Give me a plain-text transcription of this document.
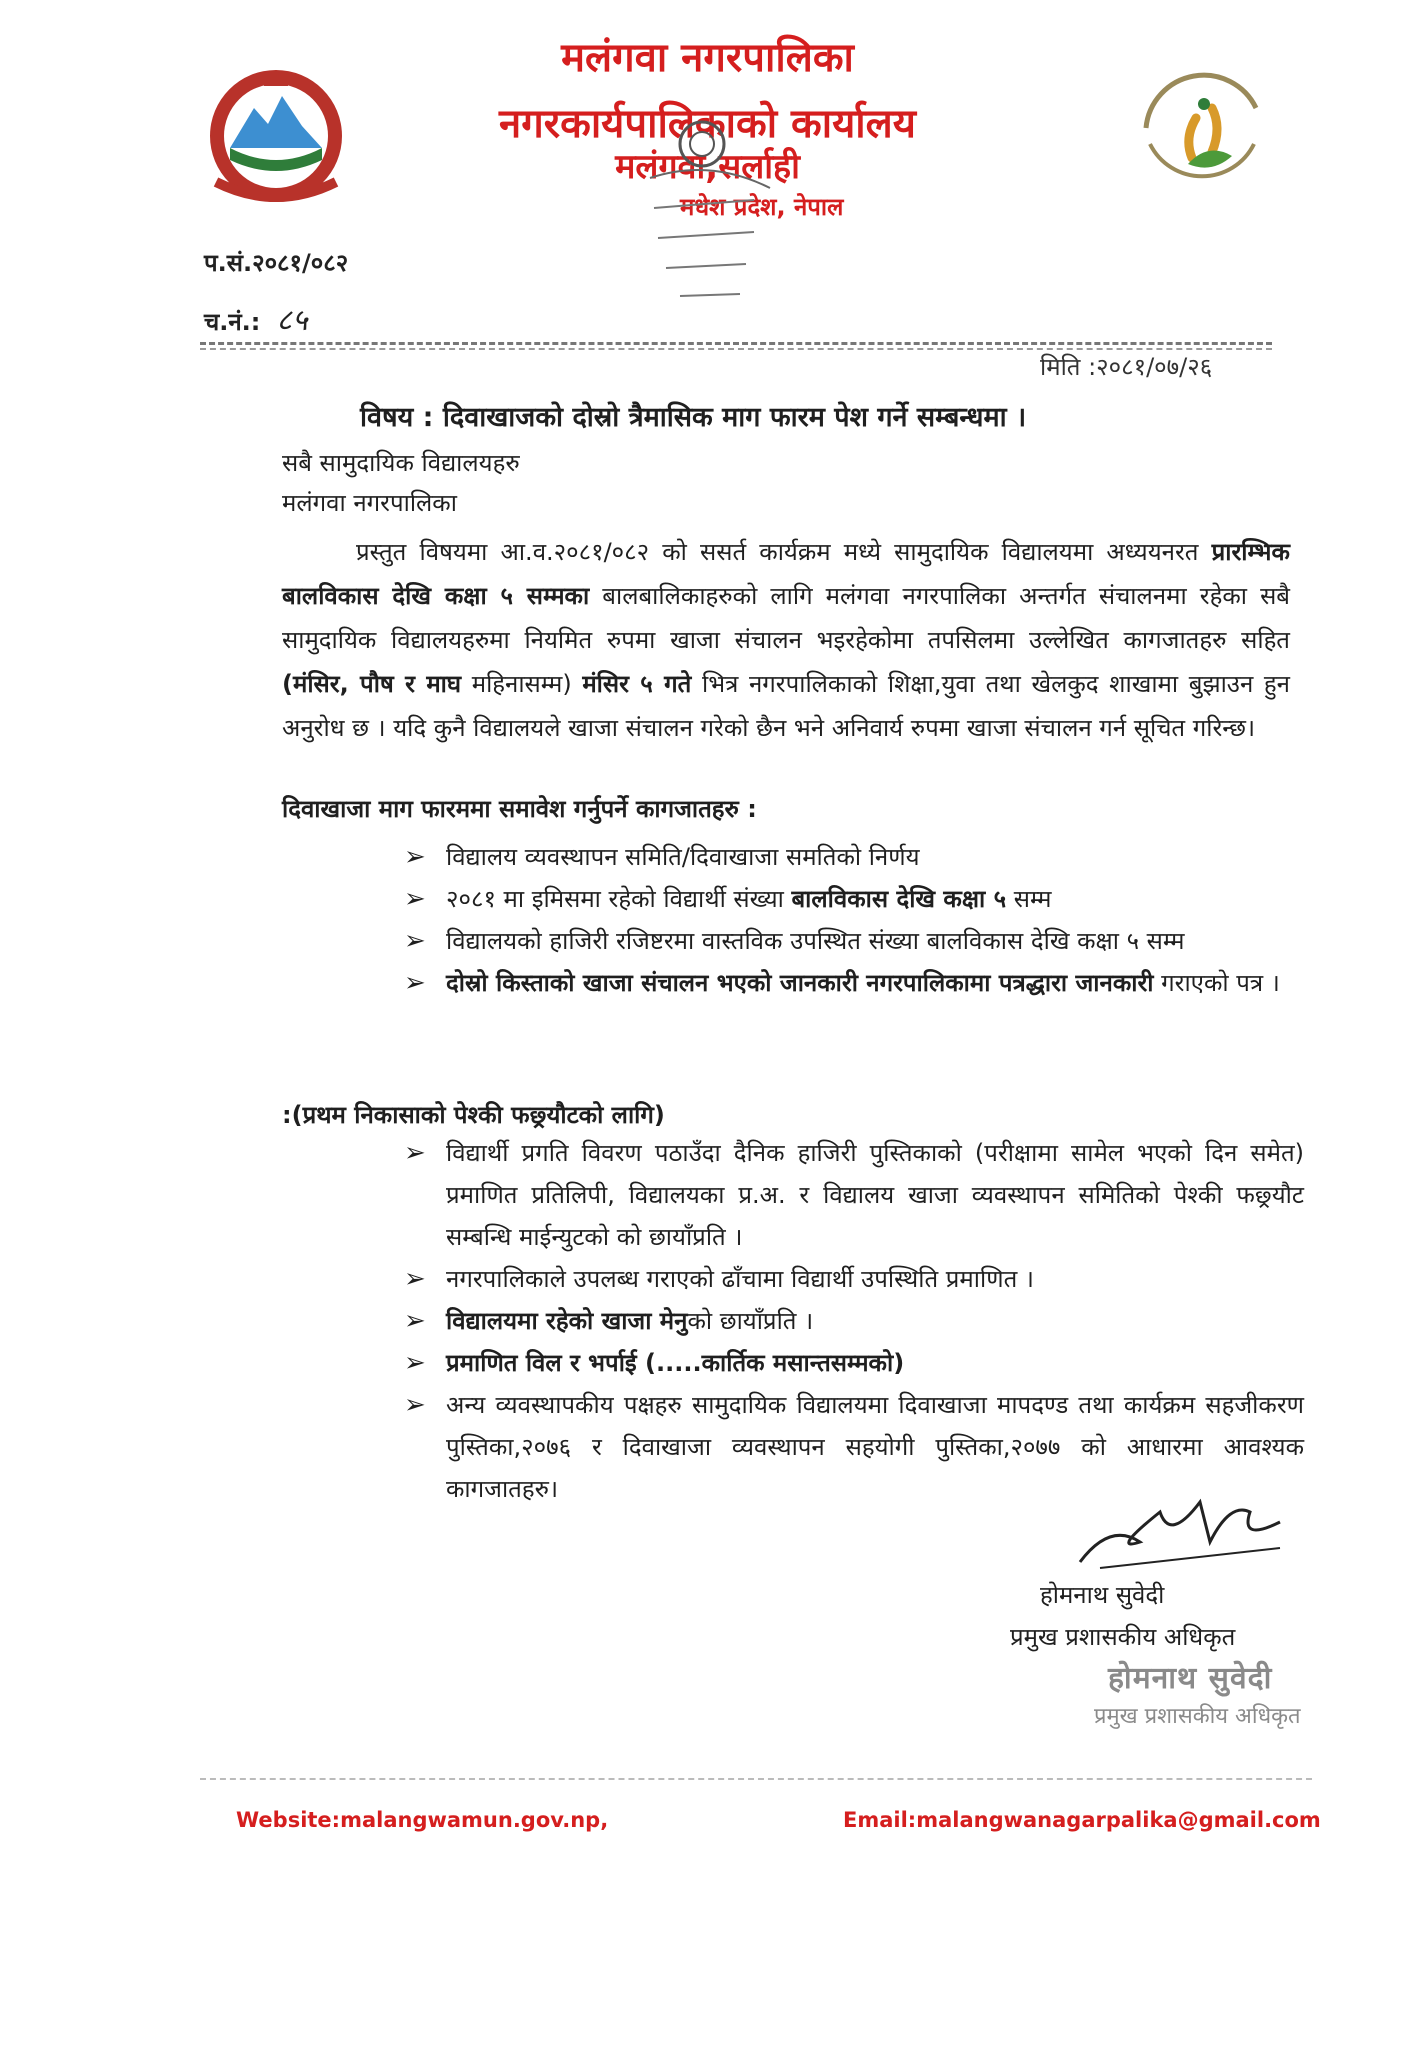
मलंगवा नगरपालिका
नगरकार्यपालिकाको कार्यालय
मलंगवा,सर्लाही
मधेश प्रदेश, नेपाल
प.सं.२०८१/०८२
च.नं.: ८५
मिति :२०८१/०७/२६
विषय : दिवाखाजको दोस्रो त्रैमासिक माग फारम पेश गर्ने सम्बन्धमा ।
सबै सामुदायिक विद्यालयहरु
मलंगवा नगरपालिका
प्रस्तुत विषयमा आ.व.२०८१/०८२ को ससर्त कार्यक्रम मध्ये सामुदायिक विद्यालयमा अध्ययनरत प्रारम्भिक बालविकास देखि कक्षा ५ सम्मका बालबालिकाहरुको लागि मलंगवा नगरपालिका अन्तर्गत संचालनमा रहेका सबै सामुदायिक विद्यालयहरुमा नियमित रुपमा खाजा संचालन भइरहेकोमा तपसिलमा उल्लेखित कागजातहरु सहित (मंसिर, पौष र माघ महिनासम्म) मंसिर ५ गते भित्र नगरपालिकाको शिक्षा,युवा तथा खेलकुद शाखामा बुझाउन हुन अनुरोध छ । यदि कुनै विद्यालयले खाजा संचालन गरेको छैन भने अनिवार्य रुपमा खाजा संचालन गर्न सूचित गरिन्छ।
दिवाखाजा माग फारममा समावेश गर्नुपर्ने कागजातहरु :
➢ विद्यालय व्यवस्थापन समिति/दिवाखाजा समतिको निर्णय
➢ २०८१ मा इमिसमा रहेको विद्यार्थी संख्या बालविकास देखि कक्षा ५ सम्म
➢ विद्यालयको हाजिरी रजिष्टरमा वास्तविक उपस्थित संख्या बालविकास देखि कक्षा ५ सम्म
➢ दोस्रो किस्ताको खाजा संचालन भएको जानकारी नगरपालिकामा पत्रद्धारा जानकारी गराएको पत्र ।
:(प्रथम निकासाको पेश्की फछ्र्यौटको लागि)
➢ विद्यार्थी प्रगति विवरण पठाउँदा दैनिक हाजिरी पुस्तिकाको (परीक्षामा सामेल भएको दिन समेत) प्रमाणित प्रतिलिपी, विद्यालयका प्र.अ. र विद्यालय खाजा व्यवस्थापन समितिको पेश्की फछ्र्यौट सम्बन्धि माईन्युटको को छायाँप्रति ।
➢ नगरपालिकाले उपलब्ध गराएको ढाँचामा विद्यार्थी उपस्थिति प्रमाणित ।
➢ विद्यालयमा रहेको खाजा मेनुको छायाँप्रति ।
➢ प्रमाणित विल र भर्पाई (.....कार्तिक मसान्तसम्मको)
➢ अन्य व्यवस्थापकीय पक्षहरु सामुदायिक विद्यालयमा दिवाखाजा मापदण्ड तथा कार्यक्रम सहजीकरण पुस्तिका,२०७६ र दिवाखाजा व्यवस्थापन सहयोगी पुस्तिका,२०७७ को आधारमा आवश्यक कागजातहरु।
होमनाथ सुवेदी
प्रमुख प्रशासकीय अधिकृत
होमनाथ सुवेदी
प्रमुख प्रशासकीय अधिकृत
Website:malangwamun.gov.np,	Email:malangwanagarpalika@gmail.com
